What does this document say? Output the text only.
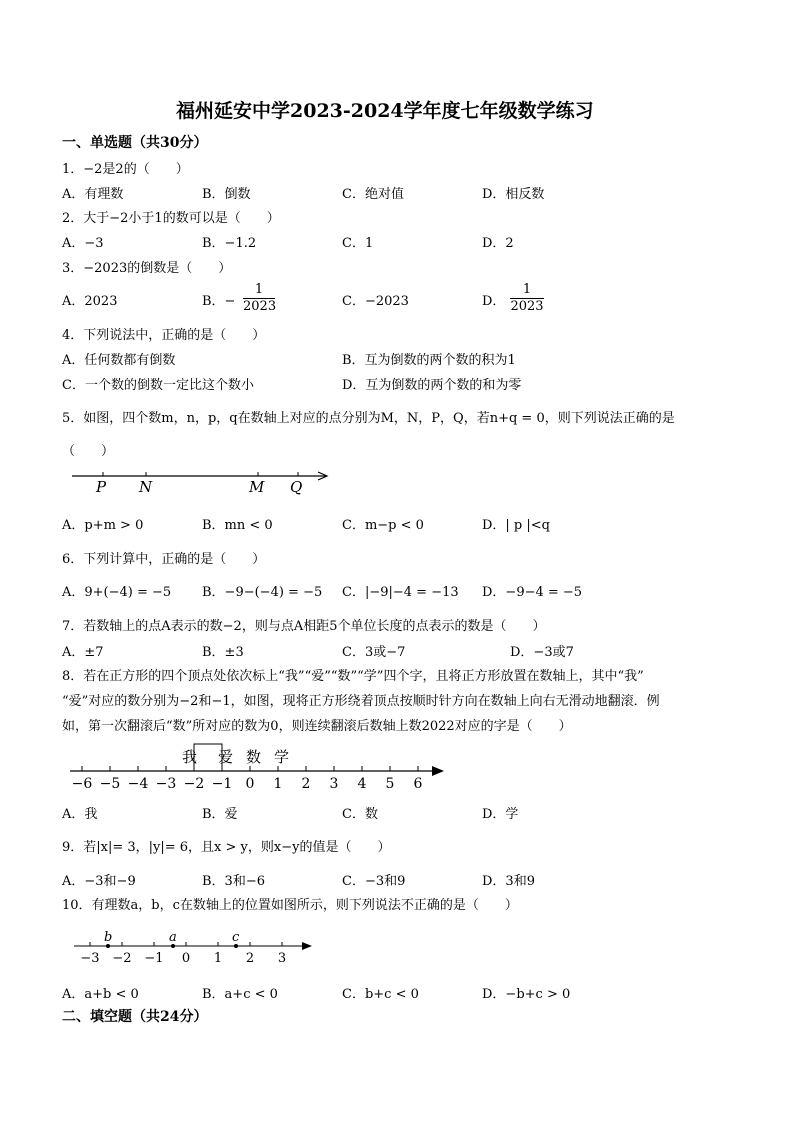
福州延安中学2023-2024学年度七年级数学练习
一、单选题（共30分）
1．−2是2的（　　）
A．有理数	B．倒数	C．绝对值	D．相反数
2．大于−2小于1的数可以是（　　）
A．−3	B．−1.2	C．1	D．2
3．−2023的倒数是（　　）
A．2023	B．− $\frac{1}{2023}$	C．−2023	D． $\frac{1}{2023}$
4．下列说法中，正确的是（　　）
A．任何数都有倒数	B．互为倒数的两个数的积为1
C．一个数的倒数一定比这个数小	D．互为倒数的两个数的和为零
5．如图，四个数m，n，p，q在数轴上对应的点分别为M，N，P，Q，若n+q = 0，则下列说法正确的是
（　　）
P N	M Q
A．p+m > 0	B．mn < 0	C．m−p < 0	D．| p |<q
6．下列计算中，正确的是（　　）
A．9+(−4) = −5 B．−9−(−4) = −5 C．|−9|−4 = −13 D．−9−4 = −5
7．若数轴上的点A表示的数−2，则与点A相距5个单位长度的点表示的数是（　　）
A．±7	B．±3	C．3或−7	D．−3或7
8．若在正方形的四个顶点处依次标上“我”“爱”“数”“学”四个字，且将正方形放置在数轴上，其中“我”
“爱”对应的数分别为−2和−1，如图，现将正方形绕着顶点按顺时针方向在数轴上向右无滑动地翻滚．例
如，第一次翻滚后“数”所对应的数为0，则连续翻滚后数轴上数2022对应的字是（　　）
−6 −5 −4 −3 −2 −1 0 1 2 3 4 5 6
我 爱 数 学
A．我	B．爱	C．数	D．学
9．若|x|= 3，|y|= 6，且x > y，则x−y的值是（　　）
A．−3和−9	B．3和−6	C．−3和9	D．3和9
10．有理数a，b，c在数轴上的位置如图所示，则下列说法不正确的是（　　）
−3 −2 −1 0 1 2 3
b	a	c
A．a+b < 0	B．a+c < 0	C．b+c < 0	D．−b+c > 0
二、填空题（共24分）
